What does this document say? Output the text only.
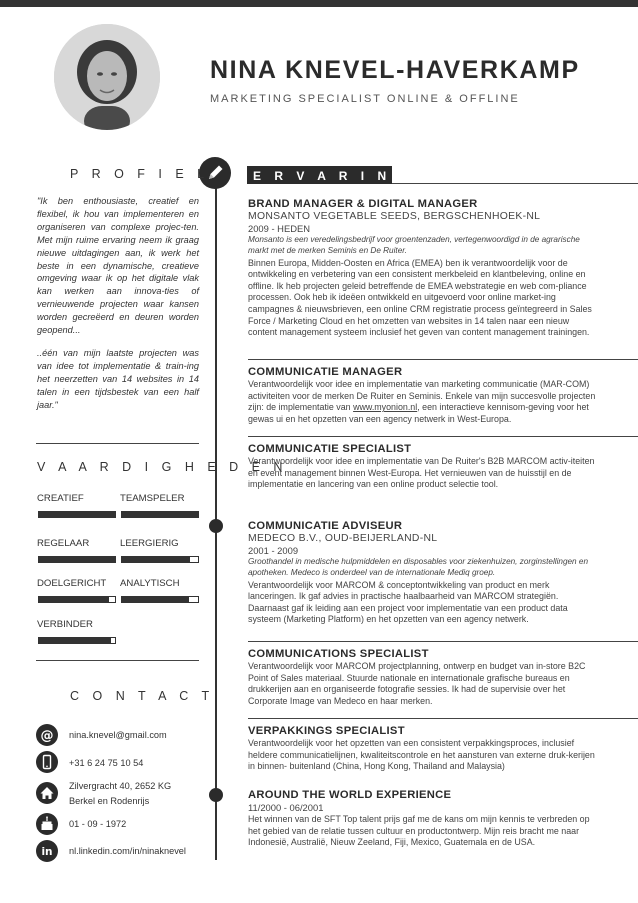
NINA KNEVEL-HAVERKAMP
MARKETING SPECIALIST ONLINE & OFFLINE
P R O F I E L

"Ik ben enthousiaste, creatief en flexibel, ik hou van implementeren en organiseren van complexe projec-ten. Met mijn ruime ervaring neem ik graag nieuwe uitdagingen aan, ik werk het beste in een dynamische, creatieve omgeving waar ik op het digitale vlak kan werken aan innova-ties of vernieuwende projecten waar kansen worden gecreëerd en deuren worden geopend...

..één van mijn laatste projecten was van idee tot implementatie & train-ing het neerzetten van 14 websites in 14 talen in een tijdsbestek van een half jaar."

V A A R D I G H E D E N
CREATIEF	TEAMSPELER
REGELAAR	LEERGIERIG
DOELGERICHT ANALYTISCH
VERBINDER
C O N T A C T
@ nina.knevel@gmail.com
+31 6 24 75 10 54
Zilvergracht 40, 2652 KG
Berkel en Rodenrijs
01 - 09 - 1972
in nl.linkedin.com/in/ninaknevel
E R V A R I N G
BRAND MANAGER & DIGITAL MANAGER
MONSANTO VEGETABLE SEEDS, BERGSCHENHOEK-NL
2009 - HEDEN
Monsanto is een veredelingsbedrijf voor groentenzaden, vertegenwoordigd in de agrarische markt met de merken Seminis en De Ruiter.
Binnen Europa, Midden-Oosten en Africa (EMEA) ben ik verantwoordelijk voor de ontwikkeling en verbetering van een consistent merkbeleid en klantbeleving, online en offline. Ik heb projecten geleid betreffende de EMEA webstrategie en web com-pliance processen. Ook heb ik ideëen ontwikkeld en uitgevoerd voor online market-ing campagnes & nieuwsbrieven, een online CRM registratie process geïntegreerd in Sales Force / Marketing Cloud en het omzetten van websites in 14 talen naar een nieuw content management systeem inclusief het geven van content management trainingen.
COMMUNICATIE MANAGER
Verantwoordelijk voor idee en implementatie van marketing communicatie (MAR-COM) activiteiten voor de merken De Ruiter en Seminis. Enkele van mijn succesvolle projecten zijn: de implementatie van www.myonion.nl, een interactieve kennisom-geving voor het gewas ui en het opzetten van een agency netwerk in West-Europa.
COMMUNICATIE SPECIALIST
Verantwoordelijk voor idee en implementatie van De Ruiter's B2B MARCOM activ-iteiten en event management binnen West-Europa. Het vernieuwen van de huisstijl en de implementatie en lancering van een online product selectie tool.
COMMUNICATIE ADVISEUR
MEDECO B.V., OUD-BEIJERLAND-NL
2001 - 2009
Groothandel in medische hulpmiddelen en disposables voor ziekenhuizen, zorginstellingen en apotheken. Medeco is onderdeel van de internationale Mediq groep.
Verantwoordelijk voor MARCOM & conceptontwikkeling van product en merk lanceringen. Ik gaf advies in practische haalbaarheid van MARCOM strategiën. Daarnaast gaf ik leiding aan een project voor implementatie van een product data systeem (Marketing Platform) en het opzetten van een agency netwerk.
COMMUNICATIONS SPECIALIST
Verantwoordelijk voor MARCOM projectplanning, ontwerp en budget van in-store B2C Point of Sales materiaal. Stuurde nationale en internationale grafische bureaus en drukkerijen aan en organiseerde fotografie sessies. Ik had de supervisie over het Corporate Image van Medeco en haar merken.
VERPAKKINGS SPECIALIST
Verantwoordelijk voor het opzetten van een consistent verpakkingsproces, inclusief heldere communicatielijnen, kwaliteitscontrole en het aansturen van externe druk-kerijen in binnen- buitenland (China, Hong Kong, Thailand and Malaysia)
AROUND THE WORLD EXPERIENCE
11/2000 - 06/2001
Het winnen van de SFT Top talent prijs gaf me de kans om mijn kennis te verbreden op het gebied van de relatie tussen cultuur en productontwerp. Mijn reis bracht me naar Indonesië, Australië, Nieuw Zeeland, Fiji, Mexico, Guatemala en de USA.
